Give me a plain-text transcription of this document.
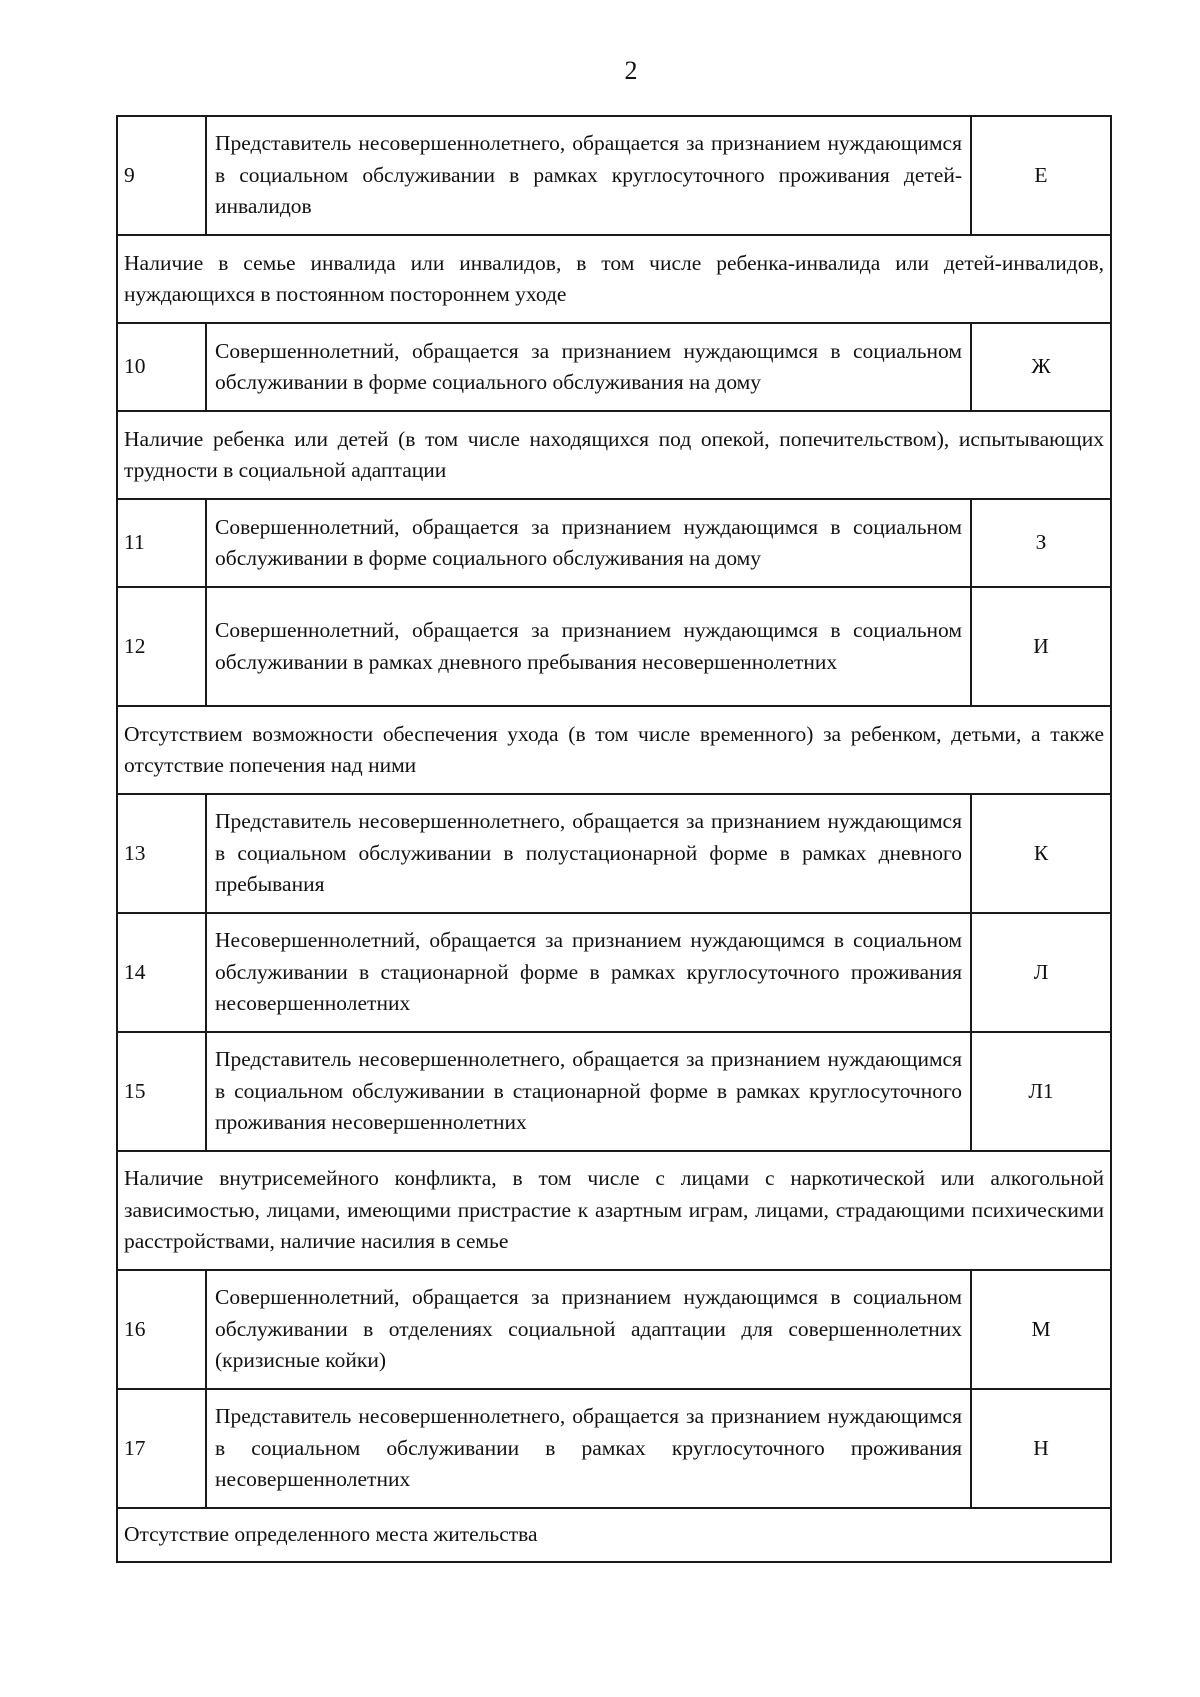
2
9	Представитель несовершеннолетнего, обращается за признанием нуждающимся в социальном обслуживании в рамках круглосуточного проживания детей-инвалидов	Е
Наличие в семье инвалида или инвалидов, в том числе ребенка-инвалида или детей-инвалидов, нуждающихся в постоянном постороннем уходе		
10	Совершеннолетний, обращается за признанием нуждающимся в социальном обслуживании в форме социального обслуживания на дому	Ж
Наличие ребенка или детей (в том числе находящихся под опекой, попечительством), испытывающих трудности в социальной адаптации		
11	Совершеннолетний, обращается за признанием нуждающимся в социальном обслуживании в форме социального обслуживания на дому	З
12	Совершеннолетний, обращается за признанием нуждающимся в социальном обслуживании в рамках дневного пребывания несовершеннолетних	И
Отсутствием возможности обеспечения ухода (в том числе временного) за ребенком, детьми, а также отсутствие попечения над ними		
13	Представитель несовершеннолетнего, обращается за признанием нуждающимся в социальном обслуживании в полустационарной форме в рамках дневного пребывания	К
14	Несовершеннолетний, обращается за признанием нуждающимся в социальном обслуживании в стационарной форме в рамках круглосуточного проживания несовершеннолетних	Л
15	Представитель несовершеннолетнего, обращается за признанием нуждающимся в социальном обслуживании в стационарной форме в рамках круглосуточного проживания несовершеннолетних	Л1
Наличие внутрисемейного конфликта, в том числе с лицами с наркотической или алкогольной зависимостью, лицами, имеющими пристрастие к азартным играм, лицами, страдающими психическими расстройствами, наличие насилия в семье		
16	Совершеннолетний, обращается за признанием нуждающимся в социальном обслуживании в отделениях социальной адаптации для совершеннолетних (кризисные койки)	М
17	Представитель несовершеннолетнего, обращается за признанием нуждающимся в социальном обслуживании в рамках круглосуточного проживания несовершеннолетних	Н
Отсутствие определенного места жительства		
